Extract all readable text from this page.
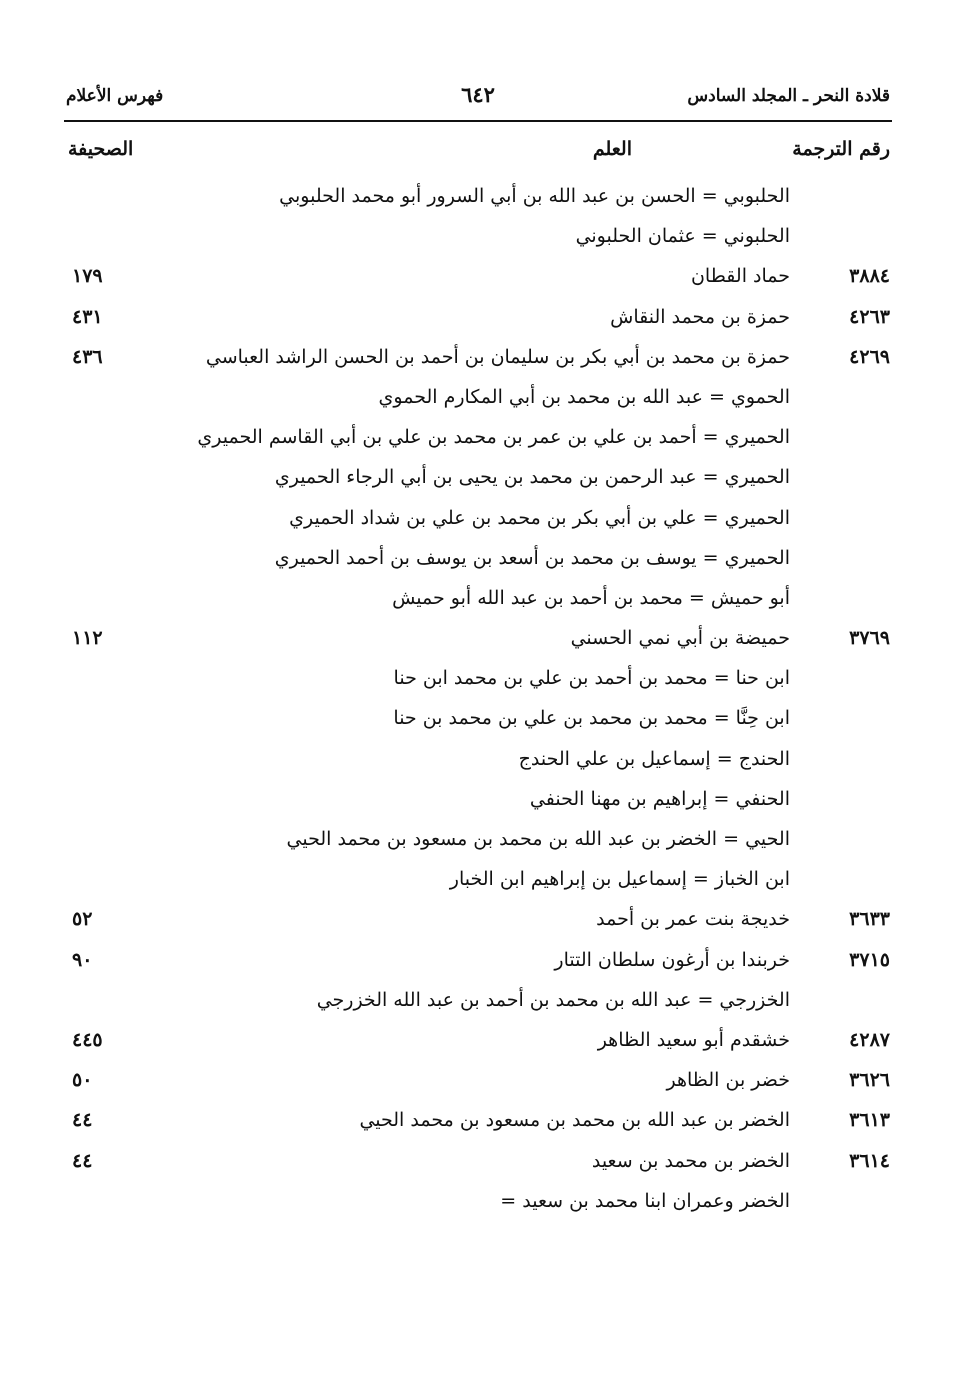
قلادة النحر ـ المجلد السادس
٦٤٢
فهرس الأعلام
رقم الترجمة
العلم
الصحيفة
الحلبوبي = الحسن بن عبد الله بن أبي السرور أبو محمد الحلبوبي
الحلبوني = عثمان الحلبوني
٣٨٨٤
حماد القطان
١٧٩
٤٢٦٣
حمزة بن محمد النقاش
٤٣١
٤٢٦٩
حمزة بن محمد بن أبي بكر بن سليمان بن أحمد بن الحسن الراشد العباسي
٤٣٦
الحموي = عبد الله بن محمد بن أبي المكارم الحموي
الحميري = أحمد بن علي بن عمر بن محمد بن علي بن أبي القاسم الحميري
الحميري = عبد الرحمن بن محمد بن يحيى بن أبي الرجاء الحميري
الحميري = علي بن أبي بكر بن محمد بن علي بن شداد الحميري
الحميري = يوسف بن محمد بن أسعد بن يوسف بن أحمد الحميري
أبو حميش = محمد بن أحمد بن عبد الله أبو حميش
٣٧٦٩
حميضة بن أبي نمي الحسني
١١٢
ابن حنا = محمد بن أحمد بن علي بن محمد ابن حنا
ابن حِنَّا = محمد بن محمد بن علي بن محمد بن حنا
الحندج = إسماعيل بن علي الحندج
الحنفي = إبراهيم بن مهنا الحنفي
الحيي = الخضر بن عبد الله بن محمد بن مسعود بن محمد الحيي
ابن الخباز = إسماعيل بن إبراهيم ابن الخبار
٣٦٣٣
خديجة بنت عمر بن أحمد
٥٢
٣٧١٥
خربندا بن أرغون سلطان التتار
٩٠
الخزرجي = عبد الله بن محمد بن أحمد بن عبد الله الخزرجي
٤٢٨٧
خشقدم أبو سعيد الظاهر
٤٤٥
٣٦٢٦
خضر بن الظاهر
٥٠
٣٦١٣
الخضر بن عبد الله بن محمد بن مسعود بن محمد الحيي
٤٤
٣٦١٤
الخضر بن محمد بن سعيد
٤٤
الخضر وعمران ابنا محمد بن سعيد =
